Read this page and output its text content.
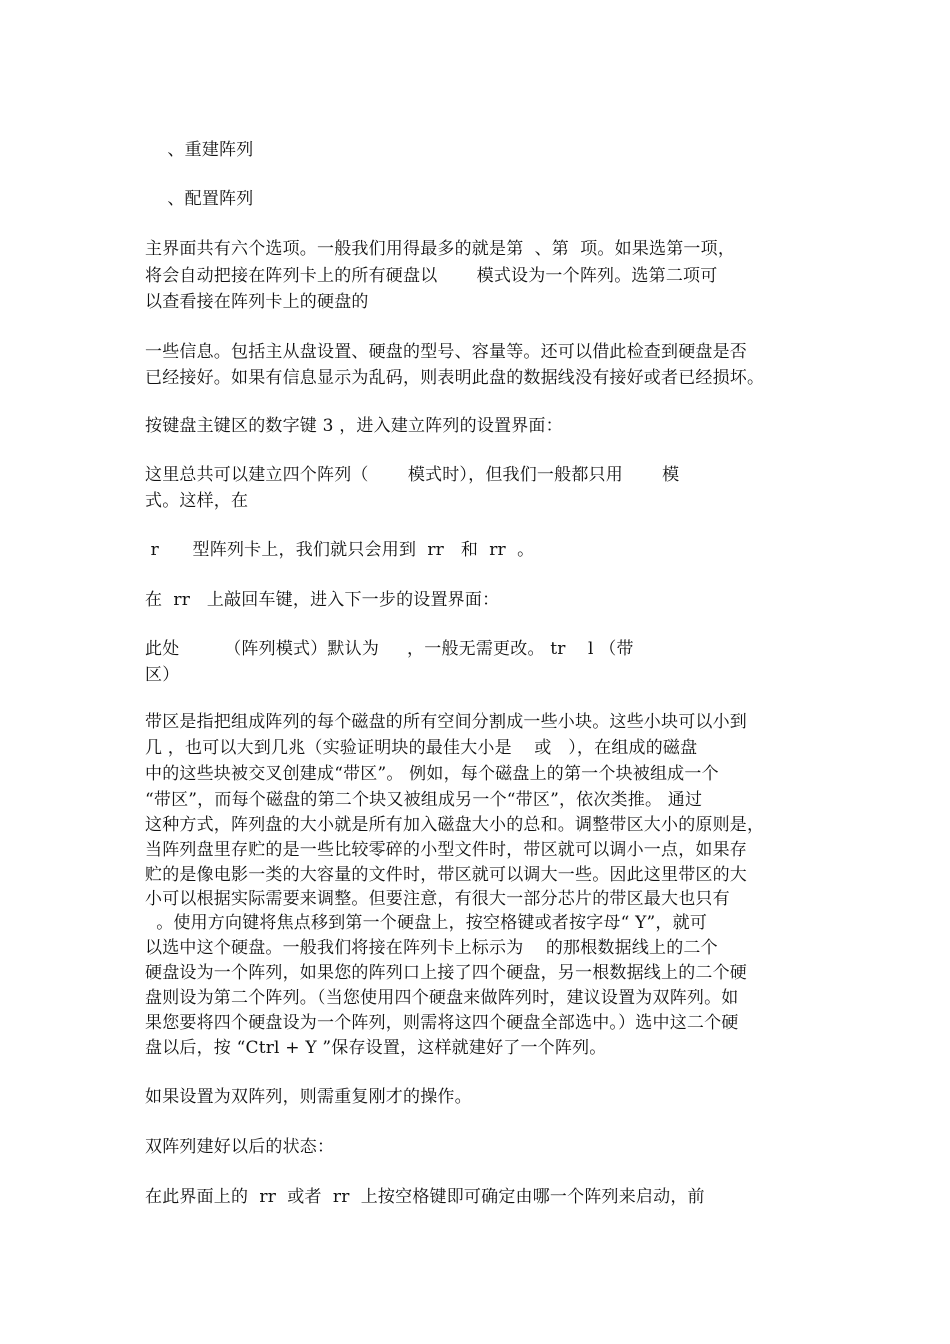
、重建阵列
、配置阵列
主界面共有六个选项。一般我们用得最多的就是第  、第  项。如果选第一项，
将会自动把接在阵列卡上的所有硬盘以       模式设为一个阵列。选第二项可
以查看接在阵列卡上的硬盘的
一些信息。包括主从盘设置、硬盘的型号、容量等。还可以借此检查到硬盘是否
已经接好。如果有信息显示为乱码，则表明此盘的数据线没有接好或者已经损坏。
按键盘主键区的数字键 3 ，进入建立阵列的设置界面：
这里总共可以建立四个阵列（       模式时），但我们一般都只用       模
式。这样，在
r      型阵列卡上，我们就只会用到  rr   和  rr  。
在  rr   上敲回车键，进入下一步的设置界面：
此处        （阵列模式）默认为     ，一般无需更改。 tr    l （带
区）
带区是指把组成阵列的每个磁盘的所有空间分割成一些小块。这些小块可以小到
几 ，也可以大到几兆（实验证明块的最佳大小是    或   ），在组成的磁盘
中的这些块被交叉创建成“带区”。 例如，每个磁盘上的第一个块被组成一个
“带区”，而每个磁盘的第二个块又被组成另一个“带区”，依次类推。 通过
这种方式，阵列盘的大小就是所有加入磁盘大小的总和。调整带区大小的原则是，
当阵列盘里存贮的是一些比较零碎的小型文件时，带区就可以调小一点，如果存
贮的是像电影一类的大容量的文件时，带区就可以调大一些。因此这里带区的大
小可以根据实际需要来调整。但要注意，有很大一部分芯片的带区最大也只有
。使用方向键将焦点移到第一个硬盘上，按空格键或者按字母“ Y”，就可
以选中这个硬盘。一般我们将接在阵列卡上标示为    的那根数据线上的二个
硬盘设为一个阵列，如果您的阵列口上接了四个硬盘，另一根数据线上的二个硬
盘则设为第二个阵列。（当您使用四个硬盘来做阵列时，建议设置为双阵列。如
果您要将四个硬盘设为一个阵列，则需将这四个硬盘全部选中。）选中这二个硬
盘以后，按 “Ctrl + Y ”保存设置，这样就建好了一个阵列。
如果设置为双阵列，则需重复刚才的操作。
双阵列建好以后的状态：
在此界面上的  rr  或者  rr  上按空格键即可确定由哪一个阵列来启动，前
